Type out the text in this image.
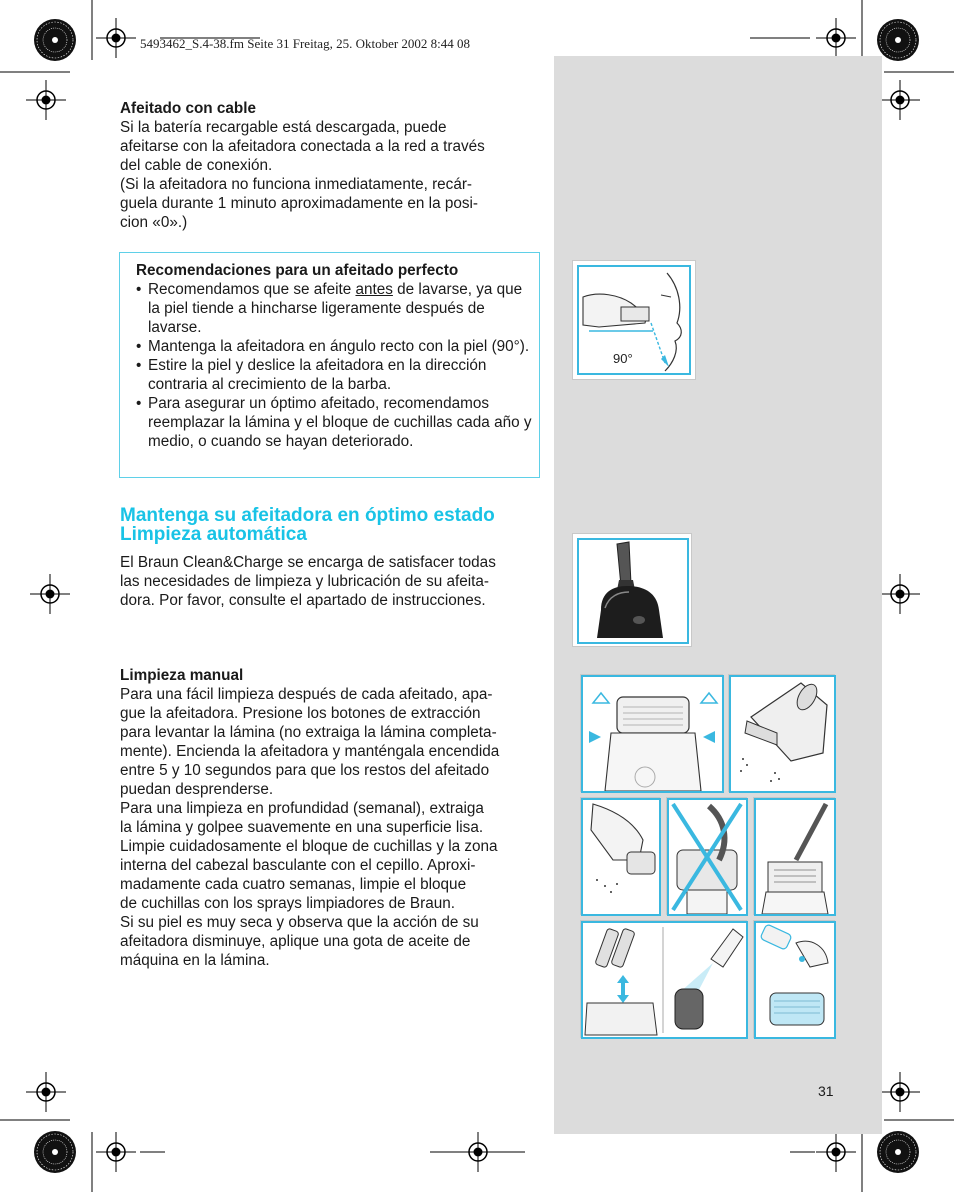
5493462_S.4-38.fm Seite 31 Freitag, 25. Oktober 2002 8:44 08
Afeitado con cable
Si la batería recargable está descargada, puede
afeitarse con la afeitadora conectada a la red a través
del cable de conexión.
(Si la afeitadora no funciona inmediatamente, recár-
guela durante 1 minuto aproximadamente en la posi-
cion «0».)
Recomendaciones para un afeitado perfecto
• Recomendamos que se afeite antes de lavarse, ya que la piel tiende a hincharse ligeramente después de lavarse.
• Mantenga la afeitadora en ángulo recto con la piel (90°).
• Estire la piel y deslice la afeitadora en la dirección contraria al crecimiento de la barba.
• Para asegurar un óptimo afeitado, recomendamos reemplazar la lámina y el bloque de cuchillas cada año y medio, o cuando se hayan deteriorado.
Mantenga su afeitadora en óptimo estado
Limpieza automática
El Braun Clean&Charge se encarga de satisfacer todas
las necesidades de limpieza y lubricación de su afeita-
dora. Por favor, consulte el apartado de instrucciones.
Limpieza manual
Para una fácil limpieza después de cada afeitado, apa-
gue la afeitadora. Presione los botones de extracción
para levantar la lámina (no extraiga la lámina completa-
mente). Encienda la afeitadora y manténgala encendida
entre 5 y 10 segundos para que los restos del afeitado
puedan desprenderse.
Para una limpieza en profundidad (semanal), extraiga
la lámina y golpee suavemente en una superficie lisa.
Limpie cuidadosamente el bloque de cuchillas y la zona
interna del cabezal basculante con el cepillo. Aproxi-
madamente cada cuatro semanas, limpie el bloque
de cuchillas con los sprays limpiadores de Braun.
Si su piel es muy seca y observa que la acción de su
afeitadora disminuye, aplique una gota de aceite de
máquina en la lámina.
90°
31
